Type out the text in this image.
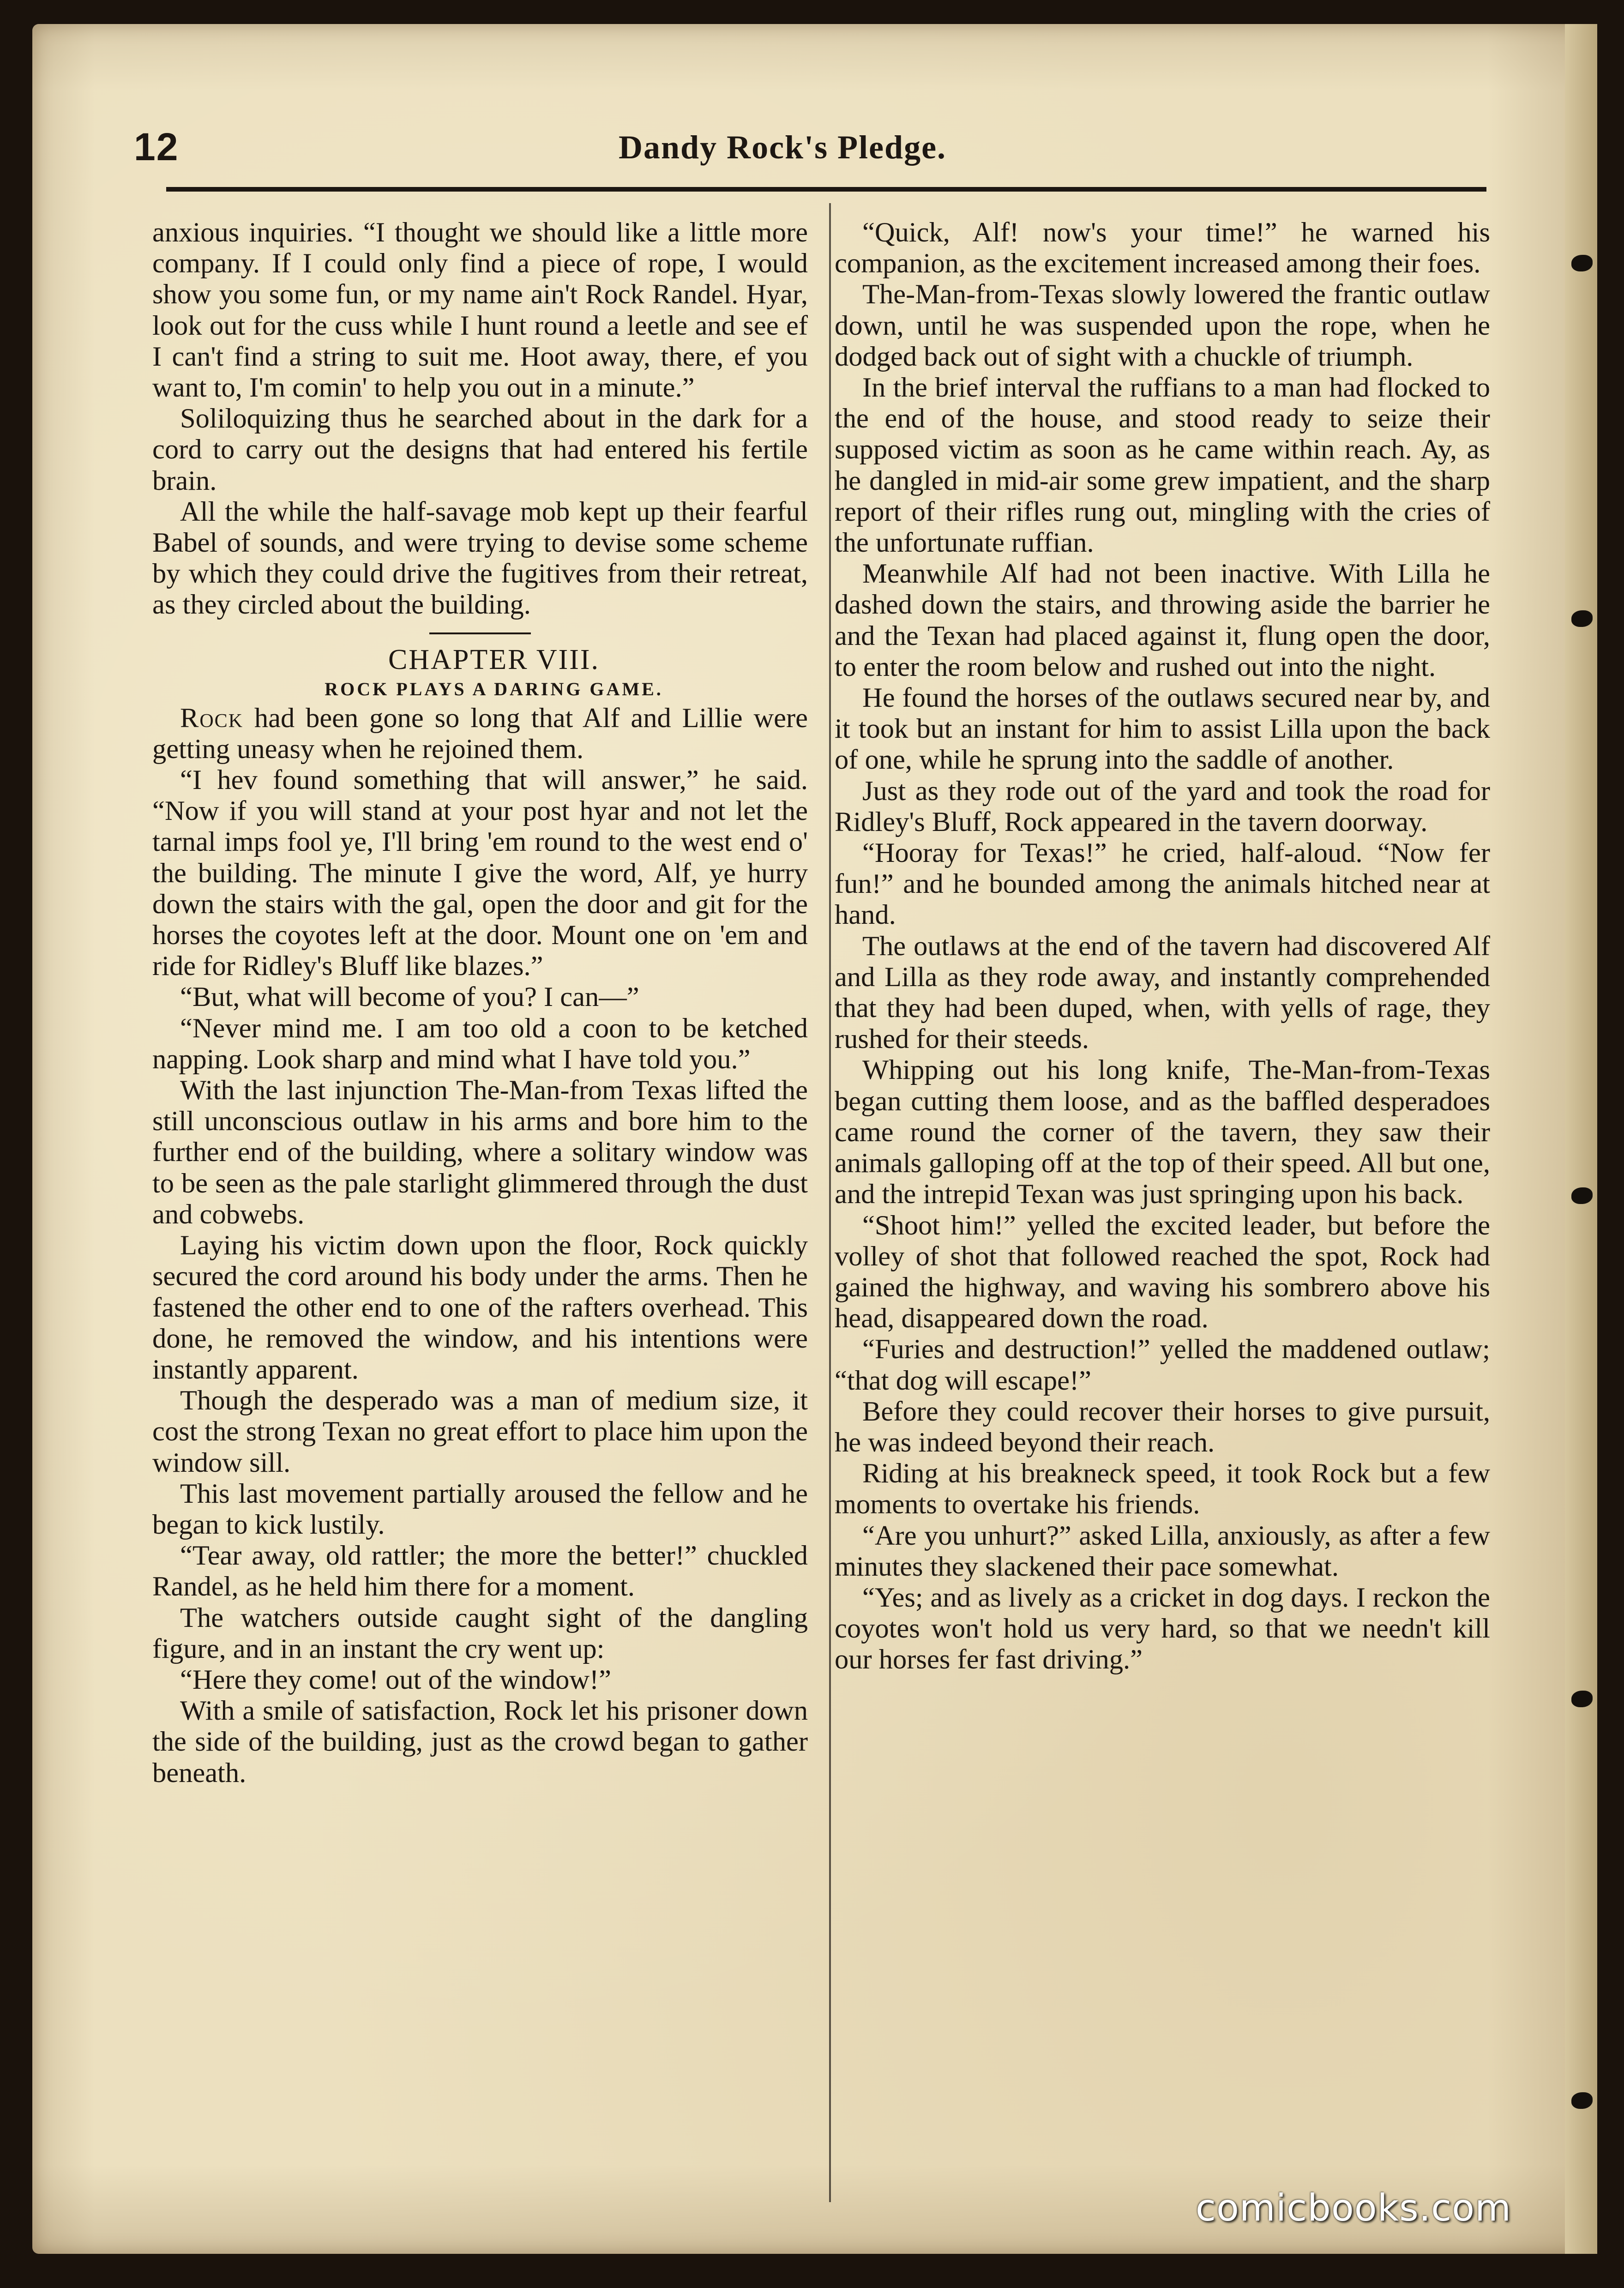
12	Dandy Rock's Pledge.

anxious inquiries. “I thought we should like a little more company. If I could only find a piece of rope, I would show you some fun, or my name ain't Rock Randel. Hyar, look out for the cuss while I hunt round a leetle and see ef I can't find a string to suit me. Hoot away, there, ef you want to, I'm comin' to help you out in a minute.”

Soliloquizing thus he searched about in the dark for a cord to carry out the designs that had entered his fertile brain.

All the while the half-savage mob kept up their fearful Babel of sounds, and were trying to devise some scheme by which they could drive the fugitives from their retreat, as they circled about the building.

CHAPTER VIII.

ROCK PLAYS A DARING GAME.

Rock had been gone so long that Alf and Lillie were getting uneasy when he rejoined them.

“I hev found something that will answer,” he said. “Now if you will stand at your post hyar and not let the tarnal imps fool ye, I'll bring 'em round to the west end o' the building. The minute I give the word, Alf, ye hurry down the stairs with the gal, open the door and git for the horses the coyotes left at the door. Mount one on 'em and ride for Ridley's Bluff like blazes.”

“But, what will become of you? I can—”

“Never mind me. I am too old a coon to be ketched napping. Look sharp and mind what I have told you.”

With the last injunction The-Man-from Texas lifted the still unconscious outlaw in his arms and bore him to the further end of the building, where a solitary window was to be seen as the pale starlight glimmered through the dust and cobwebs.

Laying his victim down upon the floor, Rock quickly secured the cord around his body under the arms. Then he fastened the other end to one of the rafters overhead. This done, he removed the window, and his intentions were instantly apparent.

Though the desperado was a man of medium size, it cost the strong Texan no great effort to place him upon the window sill.

This last movement partially aroused the fellow and he began to kick lustily.

“Tear away, old rattler; the more the better!” chuckled Randel, as he held him there for a moment.

The watchers outside caught sight of the dangling figure, and in an instant the cry went up:

“Here they come! out of the window!”

With a smile of satisfaction, Rock let his prisoner down the side of the building, just as the crowd began to gather beneath.

“Quick, Alf! now's your time!” he warned his companion, as the excitement increased among their foes.

The-Man-from-Texas slowly lowered the frantic outlaw down, until he was suspended upon the rope, when he dodged back out of sight with a chuckle of triumph.

In the brief interval the ruffians to a man had flocked to the end of the house, and stood ready to seize their supposed victim as soon as he came within reach. Ay, as he dangled in mid-air some grew impatient, and the sharp report of their rifles rung out, mingling with the cries of the unfortunate ruffian.

Meanwhile Alf had not been inactive. With Lilla he dashed down the stairs, and throwing aside the barrier he and the Texan had placed against it, flung open the door, to enter the room below and rushed out into the night.

He found the horses of the outlaws secured near by, and it took but an instant for him to assist Lilla upon the back of one, while he sprung into the saddle of another.

Just as they rode out of the yard and took the road for Ridley's Bluff, Rock appeared in the tavern doorway.

“Hooray for Texas!” he cried, half-aloud. “Now fer fun!” and he bounded among the animals hitched near at hand.

The outlaws at the end of the tavern had discovered Alf and Lilla as they rode away, and instantly comprehended that they had been duped, when, with yells of rage, they rushed for their steeds.

Whipping out his long knife, The-Man-from-Texas began cutting them loose, and as the baffled desperadoes came round the corner of the tavern, they saw their animals galloping off at the top of their speed. All but one, and the intrepid Texan was just springing upon his back.

“Shoot him!” yelled the excited leader, but before the volley of shot that followed reached the spot, Rock had gained the highway, and waving his sombrero above his head, disappeared down the road.

“Furies and destruction!” yelled the maddened outlaw; “that dog will escape!”

Before they could recover their horses to give pursuit, he was indeed beyond their reach.

Riding at his breakneck speed, it took Rock but a few moments to overtake his friends.

“Are you unhurt?” asked Lilla, anxiously, as after a few minutes they slackened their pace somewhat.

“Yes; and as lively as a cricket in dog days. I reckon the coyotes won't hold us very hard, so that we needn't kill our horses fer fast driving.”

comicbooks.com
